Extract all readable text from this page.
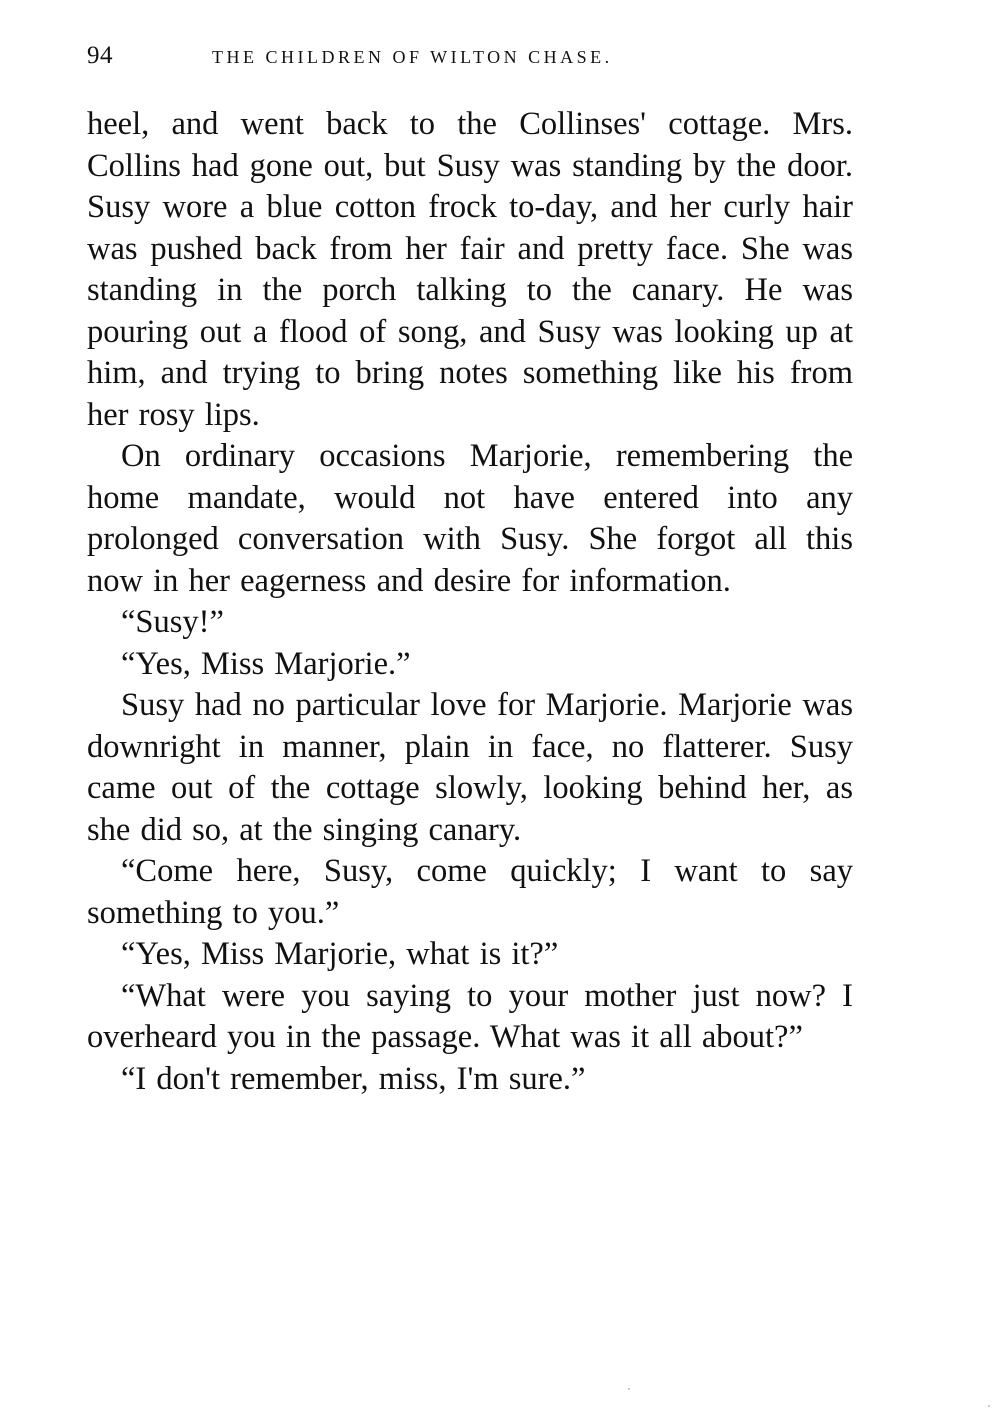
94	THE CHILDREN OF WILTON CHASE.

heel, and went back to the Collinses' cottage. Mrs. Collins had gone out, but Susy was standing by the door. Susy wore a blue cotton frock to-day, and her curly hair was pushed back from her fair and pretty face. She was standing in the porch talking to the canary. He was pouring out a flood of song, and Susy was looking up at him, and trying to bring notes something like his from her rosy lips.

On ordinary occasions Marjorie, remembering the home mandate, would not have entered into any prolonged conversation with Susy. She forgot all this now in her eagerness and desire for information.

“Susy!”

“Yes, Miss Marjorie.”

Susy had no particular love for Marjorie. Marjorie was downright in manner, plain in face, no flatterer. Susy came out of the cottage slowly, looking behind her, as she did so, at the singing canary.

“Come here, Susy, come quickly; I want to say something to you.”

“Yes, Miss Marjorie, what is it?”

“What were you saying to your mother just now? I overheard you in the passage. What was it all about?”

“I don't remember, miss, I'm sure.”
